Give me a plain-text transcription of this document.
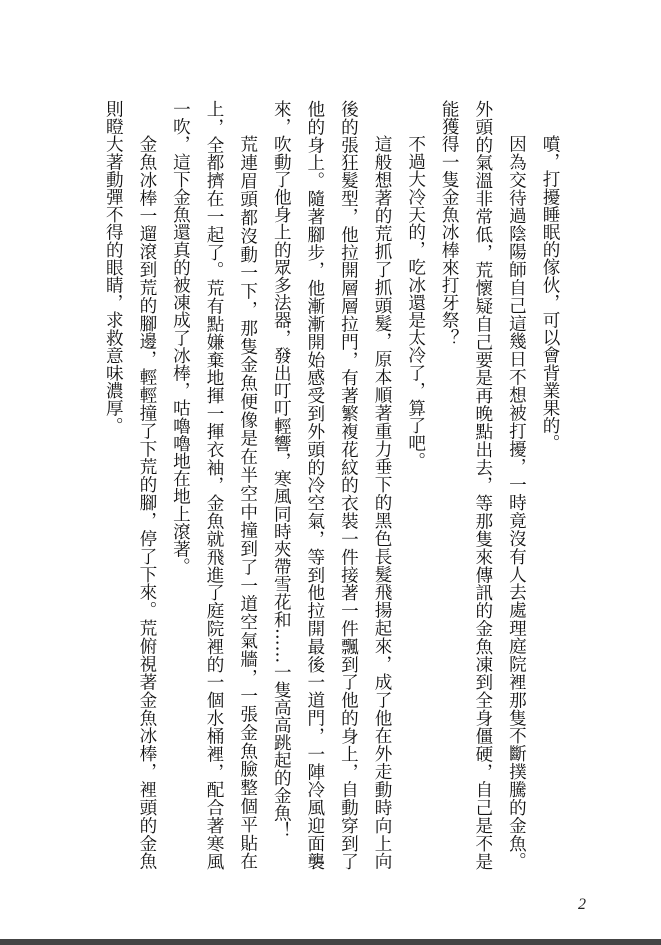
噴，打擾睡眠的傢伙，可以會背業果的。

因為交待過陰陽師自己這幾日不想被打擾，一時竟沒有人去處理庭院裡那隻不斷撲騰的金魚。外頭的氣溫非常低，荒懷疑自己要是再晚點出去，等那隻來傳訊的金魚凍到全身僵硬，自己是不是能獲得一隻金魚冰棒來打牙祭？

不過大冷天的，吃冰還是太冷了，算了吧。

這般想著的荒抓了抓頭髮，原本順著重力垂下的黑色長髮飛揚起來，成了他在外走動時向上向後的張狂髮型，他拉開層層拉門，有著繁複花紋的衣裝一件接著一件飄到了他的身上，自動穿到了他的身上。隨著腳步，他漸漸開始感受到外頭的冷空氣，等到他拉開最後一道門，一陣冷風迎面襲來，吹動了他身上的眾多法器，發出叮叮輕響，寒風同時夾帶雪花和……一隻高高跳起的金魚！

荒連眉頭都沒動一下，那隻金魚便像是在半空中撞到了一道空氣牆，一張金魚臉整個平貼在上，全都擠在一起了。荒有點嫌棄地揮一揮衣袖，金魚就飛進了庭院裡的一個水桶裡，配合著寒風一吹，這下金魚還真的被凍成了冰棒，咕嚕嚕地在地上滾著。

金魚冰棒一遛滾到荒的腳邊，輕輕撞了下荒的腳，停了下來。荒俯視著金魚冰棒，裡頭的金魚則瞪大著動彈不得的眼睛，求救意味濃厚。

2
